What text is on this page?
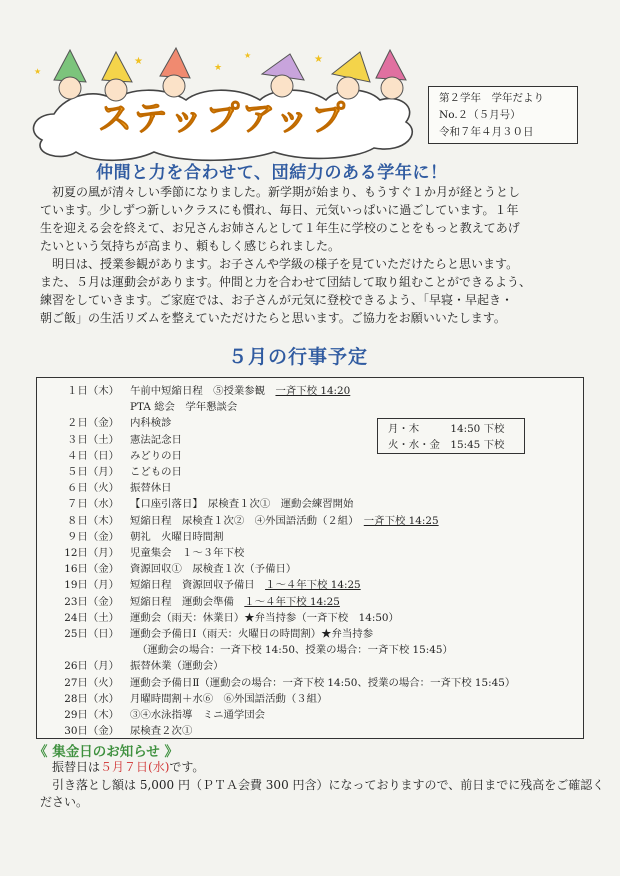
★
★
★	★
★
ステップアップ
第２学年　学年だより
No.２（５月号）
令和７年４月３０日
仲間と力を合わせて、団結力のある学年に！

　初夏の風が清々しい季節になりました。新学期が始まり、もうすぐ１か月が経とうとし
ています。少しずつ新しいクラスにも慣れ、毎日、元気いっぱいに過ごしています。１年
生を迎える会を終えて、お兄さんお姉さんとして１年生に学校のことをもっと教えてあげ
たいという気持ちが高まり、頼もしく感じられました。

　明日は、授業参観があります。お子さんや学級の様子を見ていただけたらと思います。
また、５月は運動会があります。仲間と力を合わせて団結して取り組むことができるよう、
練習をしていきます。ご家庭では、お子さんが元気に登校できるよう、「早寝・早起き・
朝ご飯」の生活リズムを整えていただけたらと思います。ご協力をお願いいたします。

５月の行事予定
１日（木） 午前中短縮日程　⑤授業参観　一斉下校 14:20
PTA 総会　学年懇談会
２日（金） 内科検診
３日（土） 憲法記念日
４日（日） みどりの日
５日（月） こどもの日
６日（火） 振替休日
７日（水） 【口座引落日】　尿検査１次①　運動会練習開始
８日（木） 短縮日程　尿検査１次②　④外国語活動（２組）　一斉下校 14:25
９日（金） 朝礼　火曜日時間割
12日（月） 児童集会　１～３年下校
16日（金） 資源回収①　尿検査１次（予備日）
19日（月） 短縮日程　資源回収予備日　１～４年下校 14:25
23日（金） 短縮日程　運動会準備　１～４年下校 14:25
24日（土） 運動会（雨天：休業日）★弁当持参（一斉下校　14:50）
25日（日） 運動会予備日Ⅰ（雨天：火曜日の時間割）★弁当持参
（運動会の場合：一斉下校 14:50、授業の場合：一斉下校 15:45）
26日（月） 振替休業（運動会）
27日（火） 運動会予備日Ⅱ（運動会の場合：一斉下校 14:50、授業の場合：一斉下校 15:45）
28日（水） 月曜時間割＋水⑥　⑥外国語活動（３組）
29日（木） ③④水泳指導　ミニ通学団会
30日（金） 尿検査２次①
月・木　　　14:50 下校
火・水・金　15:45 下校
《 集金日のお知らせ 》

　振替日は５月７日(水)です。

　引き落とし額は 5,000 円（ＰＴＡ会費 300 円含）になっておりますので、前日までに残高をご確認く
ださい。
